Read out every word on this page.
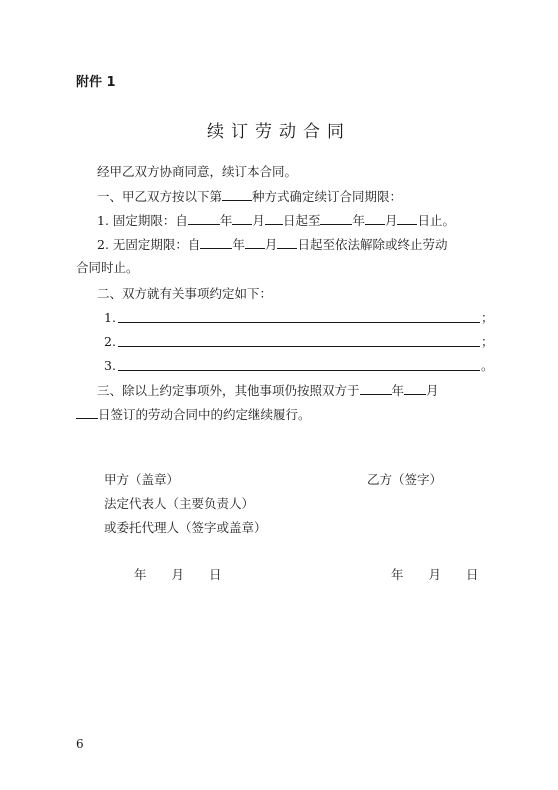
附件 1
续订劳动合同
经甲乙双方协商同意，续订本合同。
一、甲乙双方按以下第 种方式确定续订合同期限：
1. 固定期限：自	年 月 日起至	年 月 日止。
2. 无固定期限：自	年 月 日起至依法解除或终止劳动
合同时止。
二、双方就有关事项约定如下：
1.	；
2.	；
3.	。
三、除以上约定事项外，其他事项仍按照双方于	年 月
日签订的劳动合同中的约定继续履行。
甲方（盖章）	乙方（签字）
法定代表人（主要负责人）
或委托代理人（签字或盖章）
年　　月　　日	年　　月　　日
6
